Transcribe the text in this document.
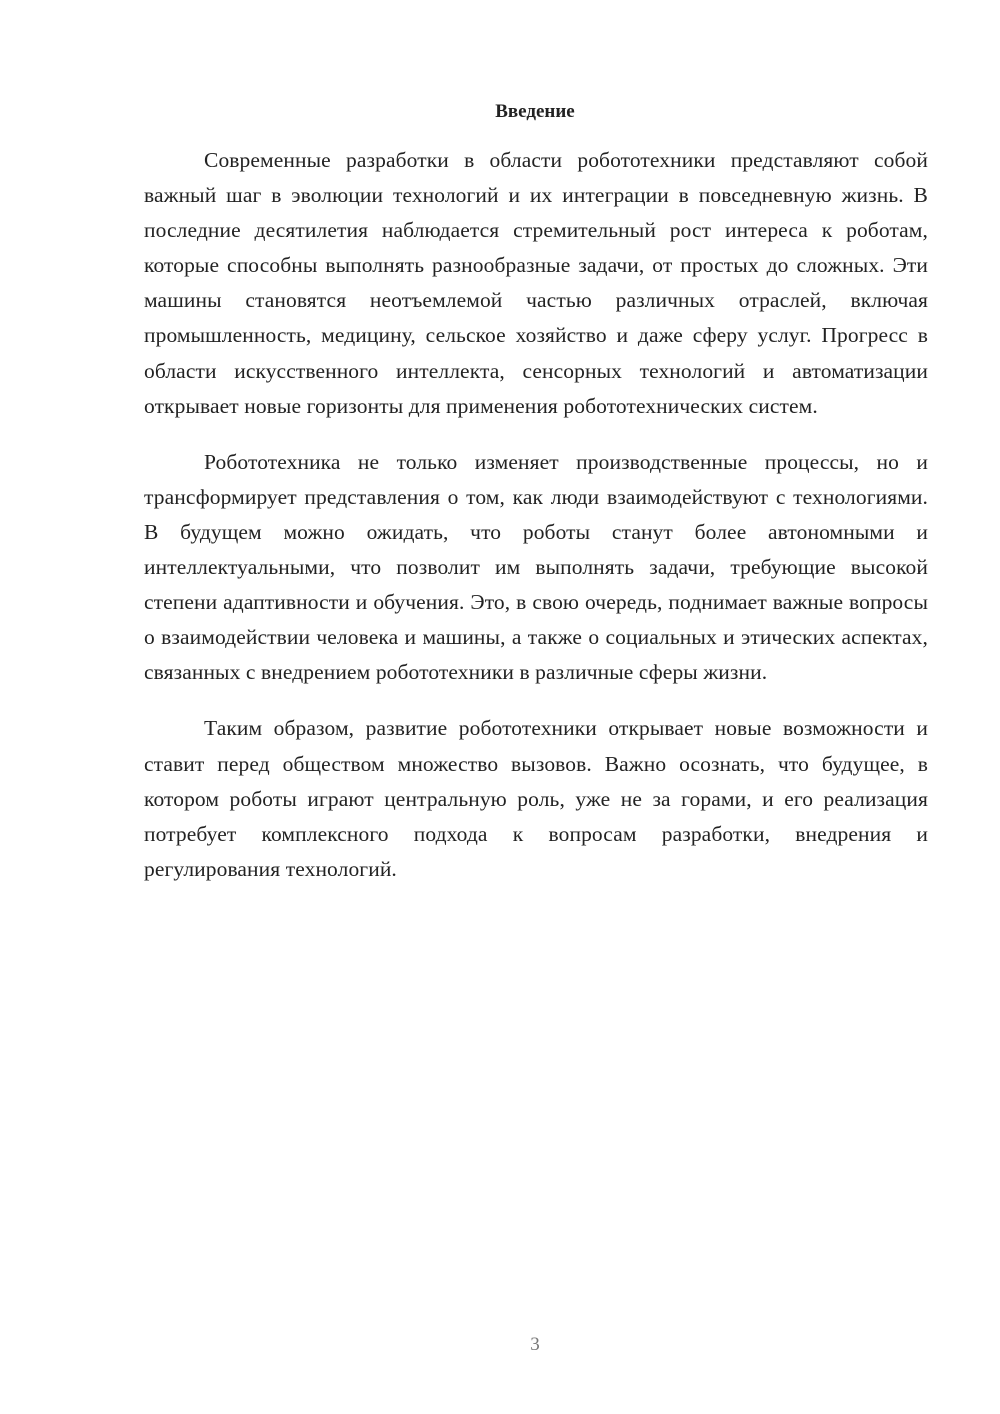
Введение

Современные разработки в области робототехники представляют собой важный шаг в эволюции технологий и их интеграции в повседневную жизнь. В последние десятилетия наблюдается стремительный рост интереса к роботам, которые способны выполнять разнообразные задачи, от простых до сложных. Эти машины становятся неотъемлемой частью различных отраслей, включая промышленность, медицину, сельское хозяйство и даже сферу услуг. Прогресс в области искусственного интеллекта, сенсорных технологий и автоматизации открывает новые горизонты для применения робототехнических систем.

Робототехника не только изменяет производственные процессы, но и трансформирует представления о том, как люди взаимодействуют с технологиями. В будущем можно ожидать, что роботы станут более автономными и интеллектуальными, что позволит им выполнять задачи, требующие высокой степени адаптивности и обучения. Это, в свою очередь, поднимает важные вопросы о взаимодействии человека и машины, а также о социальных и этических аспектах, связанных с внедрением робототехники в различные сферы жизни.

Таким образом, развитие робототехники открывает новые возможности и ставит перед обществом множество вызовов. Важно осознать, что будущее, в котором роботы играют центральную роль, уже не за горами, и его реализация потребует комплексного подхода к вопросам разработки, внедрения и регулирования технологий.

3
